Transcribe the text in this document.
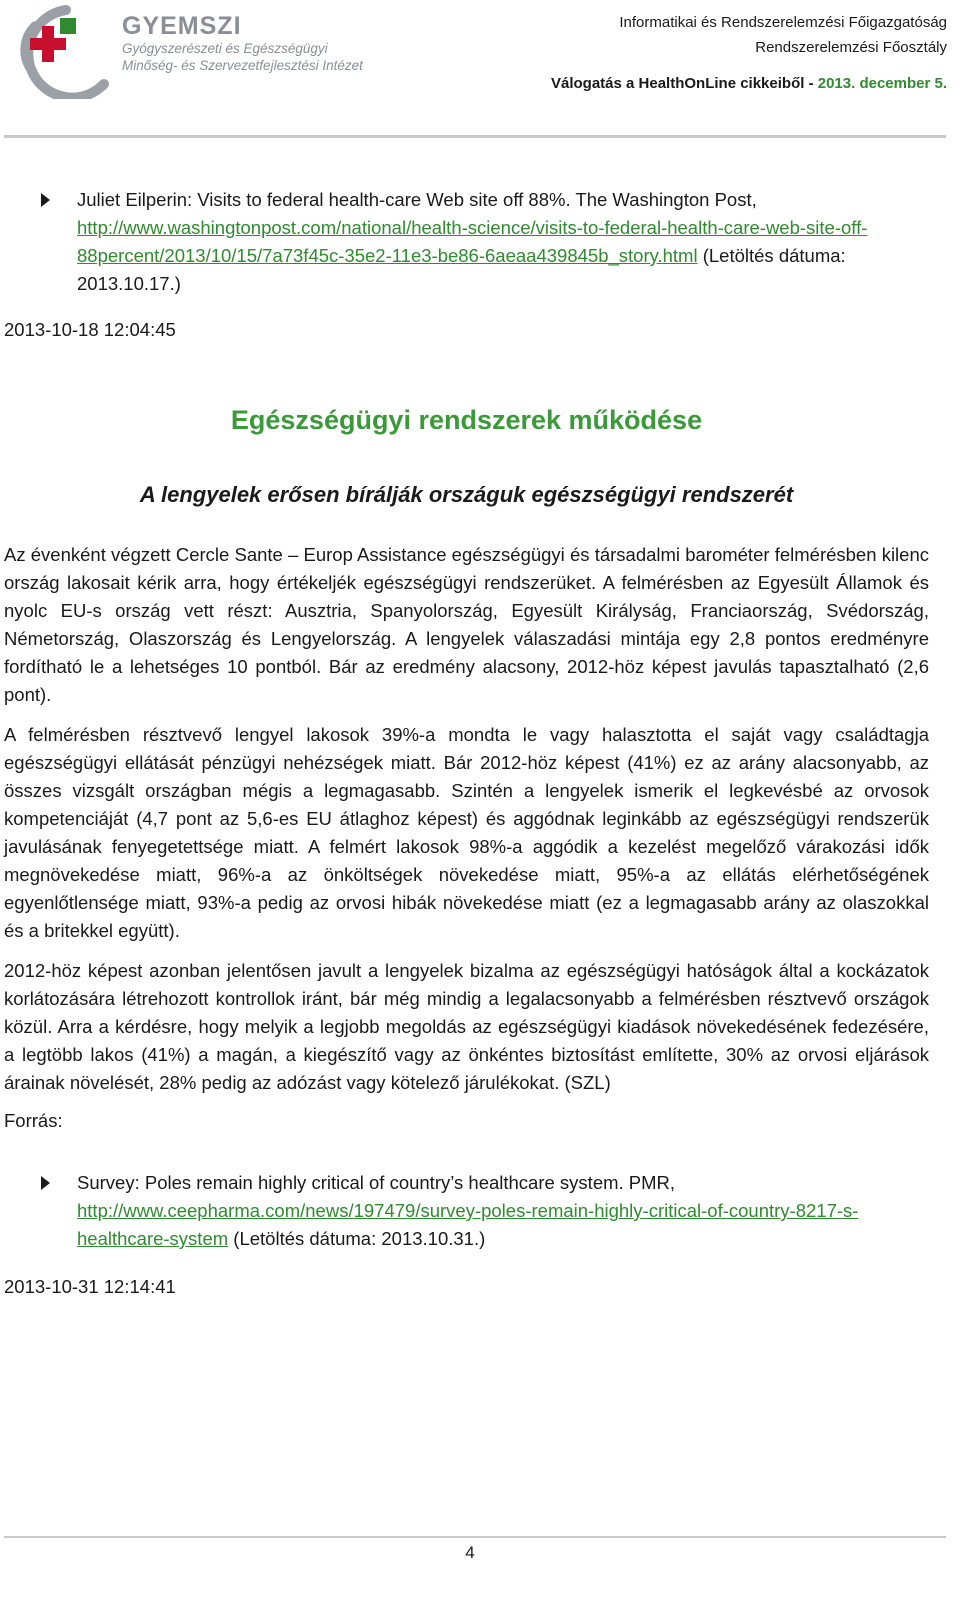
GYEMSZI
Gyógyszerészeti és Egészségügyi
Minőség- és Szervezetfejlesztési Intézet
Informatikai és Rendszerelemzési Főigazgatóság
Rendszerelemzési Főosztály
Válogatás a HealthOnLine cikkeiből - 2013. december 5.
Juliet Eilperin: Visits to federal health-care Web site off 88%. The Washington Post,
http://www.washingtonpost.com/national/health-science/visits-to-federal-health-care-web-site-off-88percent/2013/10/15/7a73f45c-35e2-11e3-be86-6aeaa439845b_story.html (Letöltés dátuma: 2013.10.17.)
2013-10-18 12:04:45
Egészségügyi rendszerek működése
A lengyelek erősen bírálják országuk egészségügyi rendszerét

Az évenként végzett Cercle Sante – Europ Assistance egészségügyi és társadalmi barométer felmérésben kilenc ország lakosait kérik arra, hogy értékeljék egészségügyi rendszerüket. A felmérésben az Egyesült Államok és nyolc EU-s ország vett részt: Ausztria, Spanyolország, Egyesült Királyság, Franciaország, Svédország, Németország, Olaszország és Lengyelország. A lengyelek válaszadási mintája egy 2,8 pontos eredményre fordítható le a lehetséges 10 pontból. Bár az eredmény alacsony, 2012-höz képest javulás tapasztalható (2,6 pont).

A felmérésben résztvevő lengyel lakosok 39%-a mondta le vagy halasztotta el saját vagy családtagja egészségügyi ellátását pénzügyi nehézségek miatt. Bár 2012-höz képest (41%) ez az arány alacsonyabb, az összes vizsgált országban mégis a legmagasabb. Szintén a lengyelek ismerik el legkevésbé az orvosok kompetenciáját (4,7 pont az 5,6-es EU átlaghoz képest) és aggódnak leginkább az egészségügyi rendszerük javulásának fenyegetettsége miatt. A felmért lakosok 98%-a aggódik a kezelést megelőző várakozási idők megnövekedése miatt, 96%-a az önköltségek növekedése miatt, 95%-a az ellátás elérhetőségének egyenlőtlensége miatt, 93%-a pedig az orvosi hibák növekedése miatt (ez a legmagasabb arány az olaszokkal és a britekkel együtt).

2012-höz képest azonban jelentősen javult a lengyelek bizalma az egészségügyi hatóságok által a kockázatok korlátozására létrehozott kontrollok iránt, bár még mindig a legalacsonyabb a felmérésben résztvevő országok közül. Arra a kérdésre, hogy melyik a legjobb megoldás az egészségügyi kiadások növekedésének fedezésére, a legtöbb lakos (41%) a magán, a kiegészítő vagy az önkéntes biztosítást említette, 30% az orvosi eljárások árainak növelését, 28% pedig az adózást vagy kötelező járulékokat. (SZL)

Forrás:
Survey: Poles remain highly critical of country’s healthcare system. PMR,
http://www.ceepharma.com/news/197479/survey-poles-remain-highly-critical-of-country-8217-s-healthcare-system (Letöltés dátuma: 2013.10.31.)
2013-10-31 12:14:41
4
